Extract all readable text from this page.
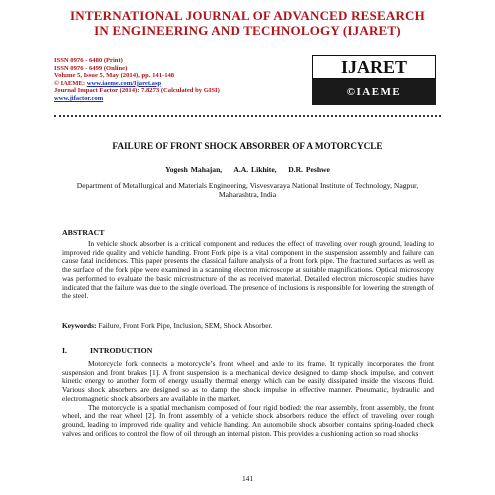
INTERNATIONAL JOURNAL OF ADVANCED RESEARCH
IN ENGINEERING AND TECHNOLOGY (IJARET)
ISSN 0976 - 6480 (Print)
ISSN 0976 - 6499 (Online)
Volume 5, Issue 5, May (2014), pp. 141-148
© IAEME: www.iaeme.com/Ijaret.asp
Journal Impact Factor (2014): 7.8273 (Calculated by GISI)
www.jifactor.com
IJARET
©IAEME
FAILURE OF FRONT SHOCK ABSORBER OF A MOTORCYCLE
Yogesh Mahajan, A.A. Likhite, D.R. Peshwe
Department of Metallurgical and Materials Engineering, Visvesvaraya National Institute of Technology, Nagpur, Maharashtra, India
ABSTRACT

In vehicle shock absorber is a critical component and reduces the effect of traveling over rough ground, leading to improved ride quality and vehicle handing. Front Fork pipe is a vital component in the suspension assembly and failure can cause fatal incidences. This paper presents the classical failure analysis of a front fork pipe. The fractured surfaces as well as the surface of the fork pipe were examined in a scanning electron microscope at suitable magnifications. Optical microscopy was performed to evaluate the basic microstructure of the as received material. Detailed electron microscopic studies have indicated that the failure was due to the single overload. The presence of inclusions is responsible for lowering the strength of the steel.

Keywords: Failure, Front Fork Pipe, Inclusion, SEM, Shock Absorber.
I.	INTRODUCTION

Motorcycle fork connects a motorcycle’s front wheel and axle to its frame. It typically incorporates the front suspension and front brakes [1]. A front suspension is a mechanical device designed to damp shock impulse, and convert kinetic energy to another form of energy usually thermal energy which can be easily dissipated inside the viscous fluid. Various shock absorbers are designed so as to damp the shock impulse in effective manner. Pneumatic, hydraulic and electromagnetic shock absorbers are available in the market.

The motorcycle is a spatial mechanism composed of four rigid bodied: the rear assembly, front assembly, the front wheel, and the rear wheel [2]. In front assembly of a vehicle shock absorbers reduce the effect of traveling over rough ground, leading to improved ride quality and vehicle handing. An automobile shock absorber contains spring-loaded check valves and orifices to control the flow of oil through an internal piston. This provides a cushioning action so road shocks

141
